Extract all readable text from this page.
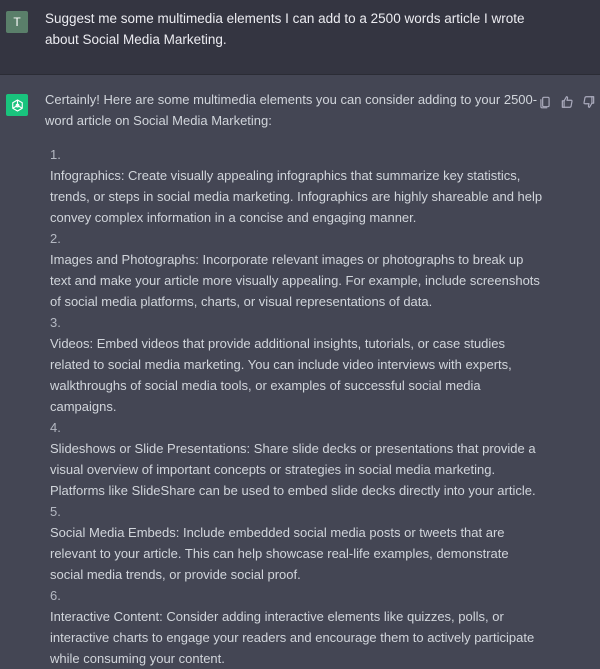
T	Suggest me some multimedia elements I can add to a 2500 words article I wrote about Social Media Marketing.

Certainly! Here are some multimedia elements you can consider adding to your 2500-word article on Social Media Marketing:

1.
Infographics: Create visually appealing infographics that summarize key statistics, trends, or steps in social media marketing. Infographics are highly shareable and help convey complex information in a concise and engaging manner.
2.
Images and Photographs: Incorporate relevant images or photographs to break up text and make your article more visually appealing. For example, include screenshots of social media platforms, charts, or visual representations of data.
3.
Videos: Embed videos that provide additional insights, tutorials, or case studies related to social media marketing. You can include video interviews with experts, walkthroughs of social media tools, or examples of successful social media campaigns.
4.
Slideshows or Slide Presentations: Share slide decks or presentations that provide a visual overview of important concepts or strategies in social media marketing. Platforms like SlideShare can be used to embed slide decks directly into your article.
5.
Social Media Embeds: Include embedded social media posts or tweets that are relevant to your article. This can help showcase real-life examples, demonstrate social media trends, or provide social proof.
6.
Interactive Content: Consider adding interactive elements like quizzes, polls, or interactive charts to engage your readers and encourage them to actively participate while consuming your content.
